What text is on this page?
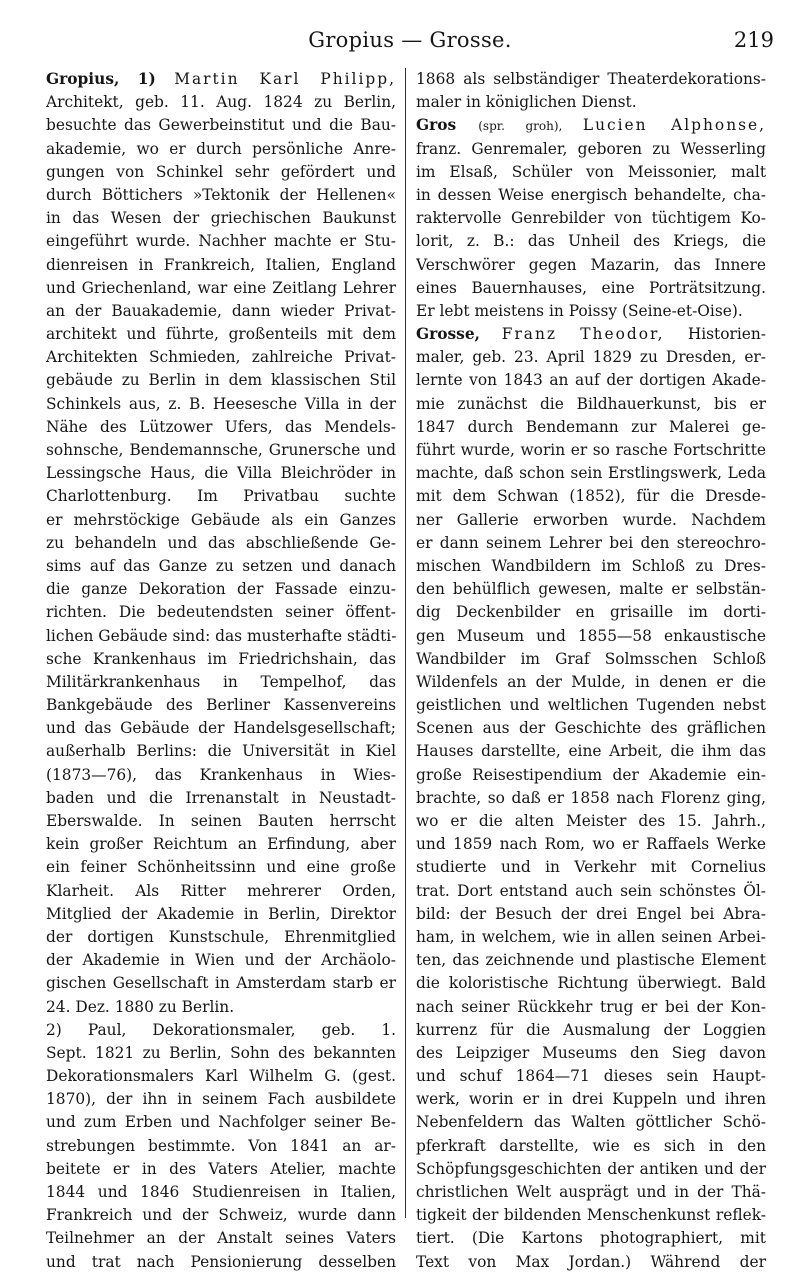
Gropius — Grosse.	219
Gropius, 1) Martin Karl Philipp,
Architekt, geb. 11. Aug. 1824 zu Berlin,
besuchte das Gewerbeinstitut und die Bau-
akademie, wo er durch persönliche Anre-
gungen von Schinkel sehr gefördert und
durch Böttichers »Tektonik der Hellenen«
in das Wesen der griechischen Baukunst
eingeführt wurde. Nachher machte er Stu-
dienreisen in Frankreich, Italien, England
und Griechenland, war eine Zeitlang Lehrer
an der Bauakademie, dann wieder Privat-
architekt und führte, großenteils mit dem
Architekten Schmieden, zahlreiche Privat-
gebäude zu Berlin in dem klassischen Stil
Schinkels aus, z. B. Heesesche Villa in der
Nähe des Lützower Ufers, das Mendels-
sohnsche, Bendemannsche, Grunersche und
Lessingsche Haus, die Villa Bleichröder in
Charlottenburg. Im Privatbau suchte
er mehrstöckige Gebäude als ein Ganzes
zu behandeln und das abschließende Ge-
sims auf das Ganze zu setzen und danach
die ganze Dekoration der Fassade einzu-
richten. Die bedeutendsten seiner öffent-
lichen Gebäude sind: das musterhafte städti-
sche Krankenhaus im Friedrichshain, das
Militärkrankenhaus in Tempelhof, das
Bankgebäude des Berliner Kassenvereins
und das Gebäude der Handelsgesellschaft;
außerhalb Berlins: die Universität in Kiel
(1873—76), das Krankenhaus in Wies-
baden und die Irrenanstalt in Neustadt-
Eberswalde. In seinen Bauten herrscht
kein großer Reichtum an Erfindung, aber
ein feiner Schönheitssinn und eine große
Klarheit. Als Ritter mehrerer Orden,
Mitglied der Akademie in Berlin, Direktor
der dortigen Kunstschule, Ehrenmitglied
der Akademie in Wien und der Archäolo-
gischen Gesellschaft in Amsterdam starb er
24. Dez. 1880 zu Berlin.
2) Paul, Dekorationsmaler, geb. 1.
Sept. 1821 zu Berlin, Sohn des bekannten
Dekorationsmalers Karl Wilhelm G. (gest.
1870), der ihn in seinem Fach ausbildete
und zum Erben und Nachfolger seiner Be-
strebungen bestimmte. Von 1841 an ar-
beitete er in des Vaters Atelier, machte
1844 und 1846 Studienreisen in Italien,
Frankreich und der Schweiz, wurde dann
Teilnehmer an der Anstalt seines Vaters
und trat nach Pensionierung desselben
1868 als selbständiger Theaterdekorations-
maler in königlichen Dienst.
Gros (spr. groh), Lucien Alphonse,
franz. Genremaler, geboren zu Wesserling
im Elsaß, Schüler von Meissonier, malt
in dessen Weise energisch behandelte, cha-
raktervolle Genrebilder von tüchtigem Ko-
lorit, z. B.: das Unheil des Kriegs, die
Verschwörer gegen Mazarin, das Innere
eines Bauernhauses, eine Porträtsitzung.
Er lebt meistens in Poissy (Seine-et-Oise).
Grosse, Franz Theodor, Historien-
maler, geb. 23. April 1829 zu Dresden, er-
lernte von 1843 an auf der dortigen Akade-
mie zunächst die Bildhauerkunst, bis er
1847 durch Bendemann zur Malerei ge-
führt wurde, worin er so rasche Fortschritte
machte, daß schon sein Erstlingswerk, Leda
mit dem Schwan (1852), für die Dresde-
ner Gallerie erworben wurde. Nachdem
er dann seinem Lehrer bei den stereochro-
mischen Wandbildern im Schloß zu Dres-
den behülflich gewesen, malte er selbstän-
dig Deckenbilder en grisaille im dorti-
gen Museum und 1855—58 enkaustische
Wandbilder im Graf Solmsschen Schloß
Wildenfels an der Mulde, in denen er die
geistlichen und weltlichen Tugenden nebst
Scenen aus der Geschichte des gräflichen
Hauses darstellte, eine Arbeit, die ihm das
große Reisestipendium der Akademie ein-
brachte, so daß er 1858 nach Florenz ging,
wo er die alten Meister des 15. Jahrh.,
und 1859 nach Rom, wo er Raffaels Werke
studierte und in Verkehr mit Cornelius
trat. Dort entstand auch sein schönstes Öl-
bild: der Besuch der drei Engel bei Abra-
ham, in welchem, wie in allen seinen Arbei-
ten, das zeichnende und plastische Element
die koloristische Richtung überwiegt. Bald
nach seiner Rückkehr trug er bei der Kon-
kurrenz für die Ausmalung der Loggien
des Leipziger Museums den Sieg davon
und schuf 1864—71 dieses sein Haupt-
werk, worin er in drei Kuppeln und ihren
Nebenfeldern das Walten göttlicher Schö-
pferkraft darstellte, wie es sich in den
Schöpfungsgeschichten der antiken und der
christlichen Welt ausprägt und in der Thä-
tigkeit der bildenden Menschenkunst reflek-
tiert. (Die Kartons photographiert, mit
Text von Max Jordan.) Während der
